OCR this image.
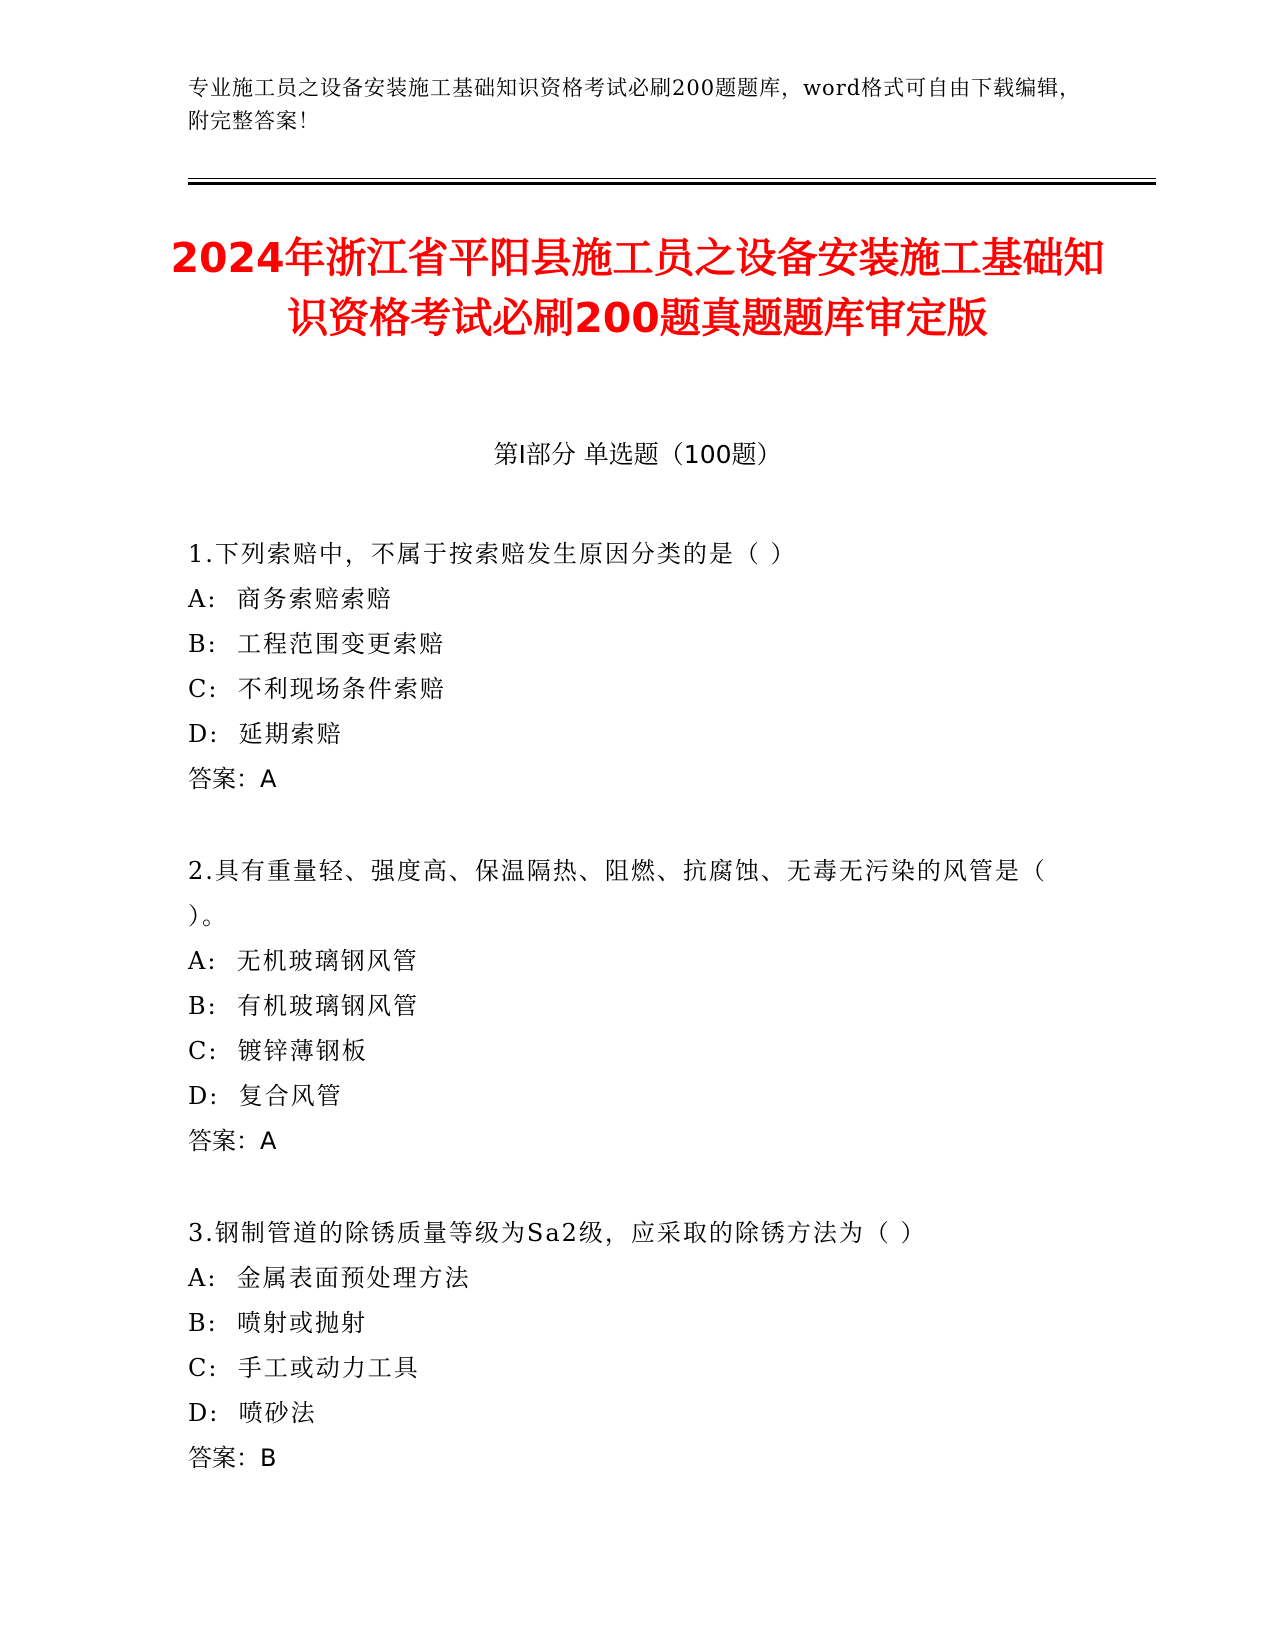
专业施工员之设备安装施工基础知识资格考试必刷200题题库，word格式可自由下载编辑，附完整答案！
2024年浙江省平阳县施工员之设备安装施工基础知识资格考试必刷200题真题题库审定版
第Ⅰ部分 单选题（100题）
1.下列索赔中，不属于按索赔发生原因分类的是（ ）
A:  商务索赔索赔
B:  工程范围变更索赔
C:  不利现场条件索赔
D:  延期索赔
答案：A
2.具有重量轻、强度高、保温隔热、阻燃、抗腐蚀、无毒无污染的风管是（ ）。
A:  无机玻璃钢风管
B:  有机玻璃钢风管
C:  镀锌薄钢板
D:  复合风管
答案：A
3.钢制管道的除锈质量等级为Sa2级，应采取的除锈方法为（ ）
A:  金属表面预处理方法
B:  喷射或抛射
C:  手工或动力工具
D:  喷砂法
答案：B
